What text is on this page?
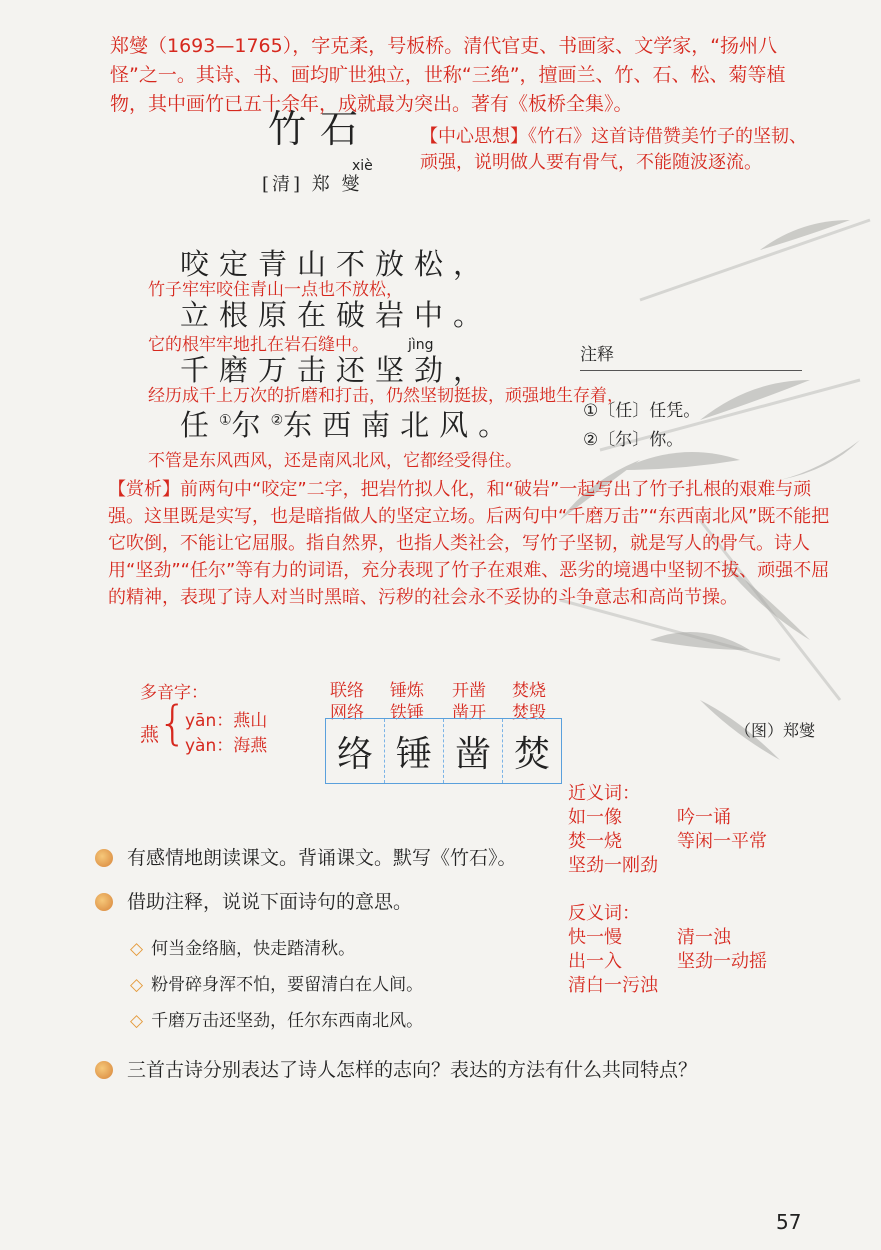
郑燮（1693—1765），字克柔，号板桥。清代官吏、书画家、文学家，“扬州八怪”之一。其诗、书、画均旷世独立，世称“三绝”，擅画兰、竹、石、松、菊等植物，其中画竹已五十余年，成就最为突出。著有《板桥全集》。
竹石
xiè
[清] 郑 燮
【中心思想】《竹石》这首诗借赞美竹子的坚韧、顽强，说明做人要有骨气，不能随波逐流。
咬定青山不放松，
竹子牢牢咬住青山一点也不放松，
立根原在破岩中。
它的根牢牢地扎在岩石缝中。	jìng
千磨万击还坚劲，
经历成千上万次的折磨和打击，仍然坚韧挺拔，顽强地生存着，
任①尔②东西南北风。
不管是东风西风，还是南风北风，它都经受得住。
注释
①〔任〕任凭。
②〔尔〕你。
【赏析】前两句中“咬定”二字，把岩竹拟人化，和“破岩”一起写出了竹子扎根的艰难与顽强。这里既是实写，也是暗指做人的坚定立场。后两句中“千磨万击”“东西南北风”既不能把它吹倒，不能让它屈服。指自然界，也指人类社会，写竹子坚韧，就是写人的骨气。诗人用“坚劲”“任尔”等有力的词语，充分表现了竹子在艰难、恶劣的境遇中坚韧不拔、顽强不屈的精神，表现了诗人对当时黑暗、污秽的社会永不妥协的斗争意志和高尚节操。
多音字：
燕
{
yān：燕山
yàn：海燕
联络 锤炼 开凿 焚烧
网络 铁锤 凿开 焚毁
络 锤 凿 焚
（图）郑燮
近义词：
如一像	吟一诵
焚一烧	等闲一平常
坚劲一刚劲
反义词：
快一慢	清一浊
出一入	坚劲一动摇
清白一污浊
有感情地朗读课文。背诵课文。默写《竹石》。
借助注释，说说下面诗句的意思。
◇ 何当金络脑，快走踏清秋。
◇ 粉骨碎身浑不怕，要留清白在人间。
◇ 千磨万击还坚劲，任尔东西南北风。
三首古诗分别表达了诗人怎样的志向？表达的方法有什么共同特点？
57
